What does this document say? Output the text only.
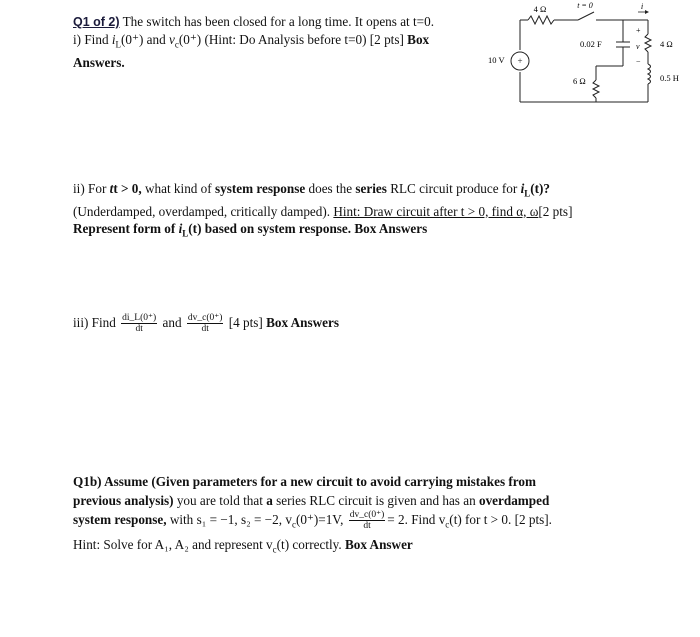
Q1 of 2) The switch has been closed for a long time. It opens at t=0.
i) Find $i_L(0^+)$ and $v_c(0^+)$ (Hint: Do Analysis before t=0) [2 pts] Box
Answers.	+
4 Ω	t = 0	i
10 V
0.02 F
+
v
−
6 Ω
4 Ω
0.5 H
ii) For tt > 0, what kind of system response does the series RLC circuit produce for $i_L(t)$?
(Underdamped, overdamped, critically damped). Hint: Draw circuit after t > 0, find α, ω[2 pts]
Represent form of $i_L(t)$ based on system response. Box Answers
iii) Find $\frac{di\_L(0^+)}{dt}$ and $\frac{dv\_c(0^+)}{dt} [4$ pts] Box Answers
Q1b) Assume (Given parameters for a new circuit to avoid carrying mistakes from
previous analysis) you are told that a series RLC circuit is given and has an overdamped
system response, with s₁ = −1, s₂ = −2, $v_c(0^+)=1V$, $\frac{dv\_c(0^+)}{dt} = 2$. Find $v_c(t)$ for t > 0. [2 pts].
Hint: Solve for A₁, A₂ and represent $v_c(t)$ correctly. Box Answer
